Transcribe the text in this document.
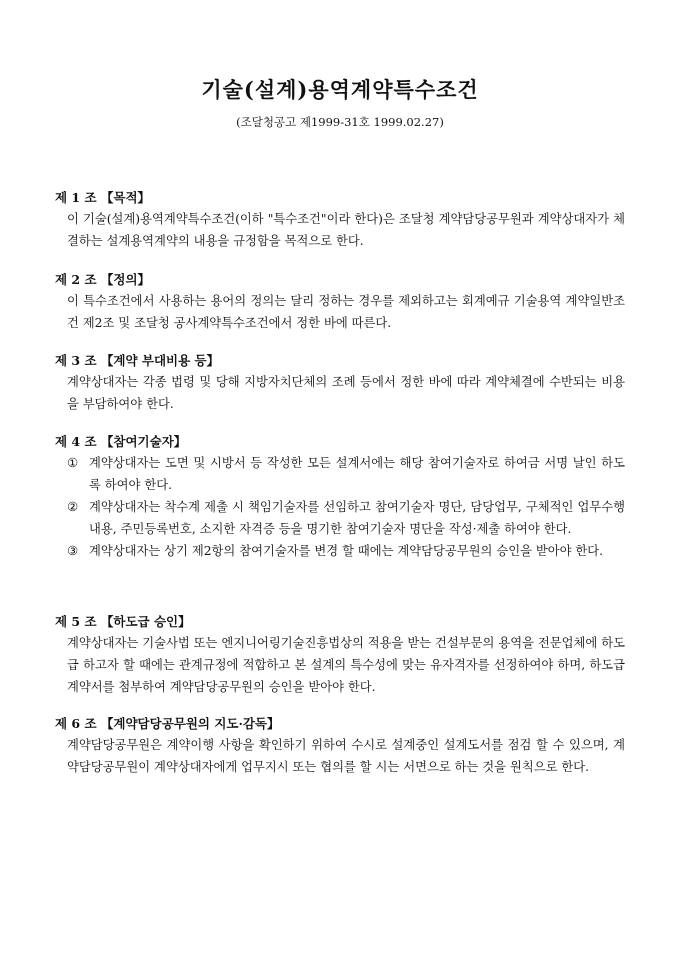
기술(설계)용역계약특수조건
(조달청공고 제1999-31호 1999.02.27)
제 1 조 【목적】
이 기술(설계)용역계약특수조건(이하 "특수조건"이라 한다)은 조달청 계약담당공무원과 계약상대자가 체결하는 설계용역계약의 내용을 규정함을 목적으로 한다.
제 2 조 【정의】
이 특수조건에서 사용하는 용어의 정의는 달리 정하는 경우를 제외하고는 회계예규 기술용역 계약일반조건 제2조 및 조달청 공사계약특수조건에서 정한 바에 따른다.
제 3 조 【계약 부대비용 등】
계약상대자는 각종 법령 및 당해 지방자치단체의 조례 등에서 정한 바에 따라 계약체결에 수반되는 비용을 부담하여야 한다.
제 4 조 【참여기술자】
① 계약상대자는 도면 및 시방서 등 작성한 모든 설계서에는 해당 참여기술자로 하여금 서명 날인 하도록 하여야 한다.
② 계약상대자는 착수계 제출 시 책임기술자를 선임하고 참여기술자 명단, 담당업무, 구체적인 업무수행내용, 주민등록번호, 소지한 자격증 등을 명기한 참여기술자 명단을 작성·제출 하여야 한다.
③ 계약상대자는 상기 제2항의 참여기술자를 변경 할 때에는 계약담당공무원의 승인을 받아야 한다.
제 5 조 【하도급 승인】
계약상대자는 기술사법 또는 엔지니어링기술진흥법상의 적용을 받는 건설부문의 용역을 전문업체에 하도급 하고자 할 때에는 관계규정에 적합하고 본 설계의 특수성에 맞는 유자격자를 선정하여야 하며, 하도급 계약서를 첨부하여 계약담당공무원의 승인을 받아야 한다.
제 6 조 【계약담당공무원의 지도·감독】
계약담당공무원은 계약이행 사항을 확인하기 위하여 수시로 설계중인 설계도서를 점검 할 수 있으며, 계약담당공무원이 계약상대자에게 업무지시 또는 협의를 할 시는 서면으로 하는 것을 원칙으로 한다.
